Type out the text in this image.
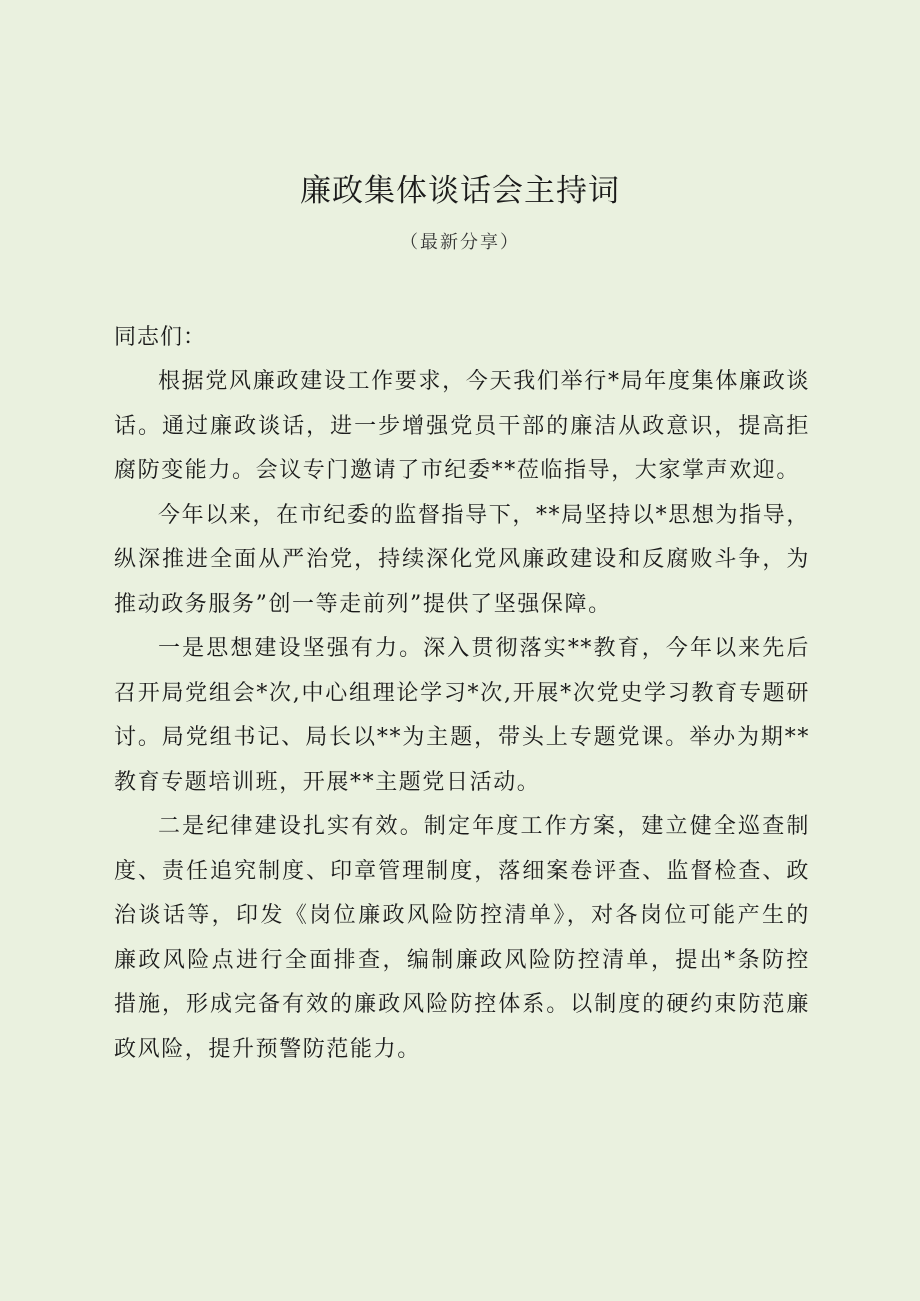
廉政集体谈话会主持词

（最新分享）

同志们：

根据党风廉政建设工作要求，今天我们举行*局年度集体廉政谈话。通过廉政谈话，进一步增强党员干部的廉洁从政意识，提高拒腐防变能力。会议专门邀请了市纪委**莅临指导，大家掌声欢迎。

今年以来，在市纪委的监督指导下，**局坚持以*思想为指导，纵深推进全面从严治党，持续深化党风廉政建设和反腐败斗争，为推动政务服务”创一等走前列”提供了坚强保障。

一是思想建设坚强有力。深入贯彻落实**教育，今年以来先后召开局党组会*次,中心组理论学习*次,开展*次党史学习教育专题研讨。局党组书记、局长以**为主题，带头上专题党课。举办为期**教育专题培训班，开展**主题党日活动。

二是纪律建设扎实有效。制定年度工作方案，建立健全巡查制度、责任追究制度、印章管理制度，落细案卷评查、监督检查、政治谈话等，印发《岗位廉政风险防控清单》，对各岗位可能产生的廉政风险点进行全面排查，编制廉政风险防控清单，提出*条防控措施，形成完备有效的廉政风险防控体系。以制度的硬约束防范廉政风险，提升预警防范能力。
